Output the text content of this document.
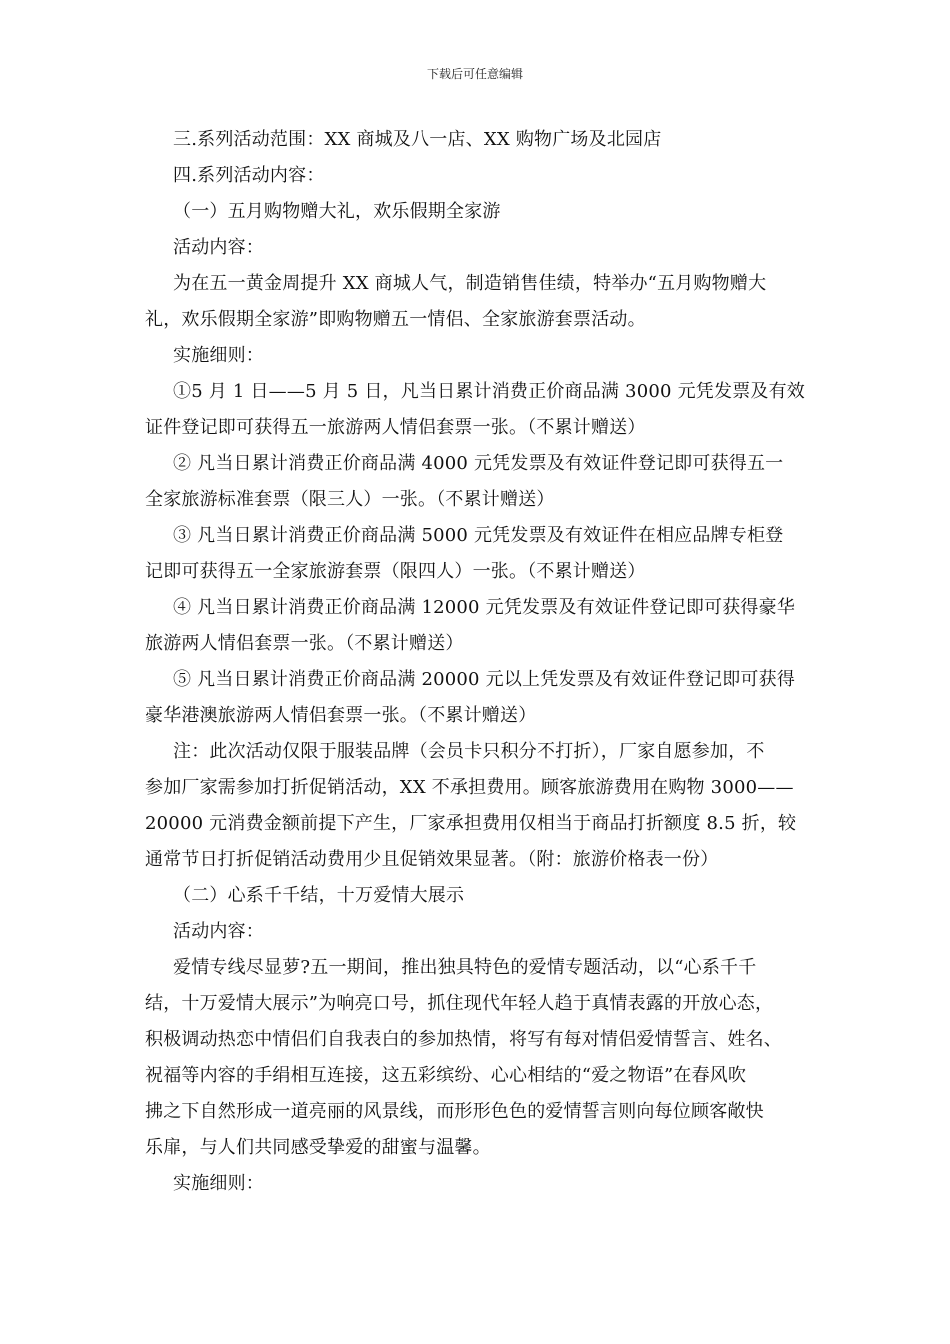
下载后可任意编辑
三.系列活动范围：XX 商城及八一店、XX 购物广场及北园店
四.系列活动内容：
（一）五月购物赠大礼，欢乐假期全家游
活动内容：
为在五一黄金周提升 XX 商城人气，制造销售佳绩，特举办“五月购物赠大
礼，欢乐假期全家游”即购物赠五一情侣、全家旅游套票活动。
实施细则：
①5 月 1 日——5 月 5 日，凡当日累计消费正价商品满 3000 元凭发票及有效
证件登记即可获得五一旅游两人情侣套票一张。（不累计赠送）
② 凡当日累计消费正价商品满 4000 元凭发票及有效证件登记即可获得五一
全家旅游标准套票（限三人）一张。（不累计赠送）
③ 凡当日累计消费正价商品满 5000 元凭发票及有效证件在相应品牌专柜登
记即可获得五一全家旅游套票（限四人）一张。（不累计赠送）
④ 凡当日累计消费正价商品满 12000 元凭发票及有效证件登记即可获得豪华
旅游两人情侣套票一张。（不累计赠送）
⑤ 凡当日累计消费正价商品满 20000 元以上凭发票及有效证件登记即可获得
豪华港澳旅游两人情侣套票一张。（不累计赠送）
注：此次活动仅限于服装品牌（会员卡只积分不打折），厂家自愿参加，不
参加厂家需参加打折促销活动，XX 不承担费用。顾客旅游费用在购物 3000——
20000 元消费金额前提下产生，厂家承担费用仅相当于商品打折额度 8.5 折，较
通常节日打折促销活动费用少且促销效果显著。（附：旅游价格表一份）
（二）心系千千结，十万爱情大展示
活动内容：
爱情专线尽显萝?五一期间，推出独具特色的爱情专题活动，以“心系千千
结，十万爱情大展示”为响亮口号，抓住现代年轻人趋于真情表露的开放心态，
积极调动热恋中情侣们自我表白的参加热情，将写有每对情侣爱情誓言、姓名、
祝福等内容的手绢相互连接，这五彩缤纷、心心相结的“爱之物语”在春风吹
拂之下自然形成一道亮丽的风景线，而形形色色的爱情誓言则向每位顾客敞快
乐扉，与人们共同感受挚爱的甜蜜与温馨。
实施细则：
